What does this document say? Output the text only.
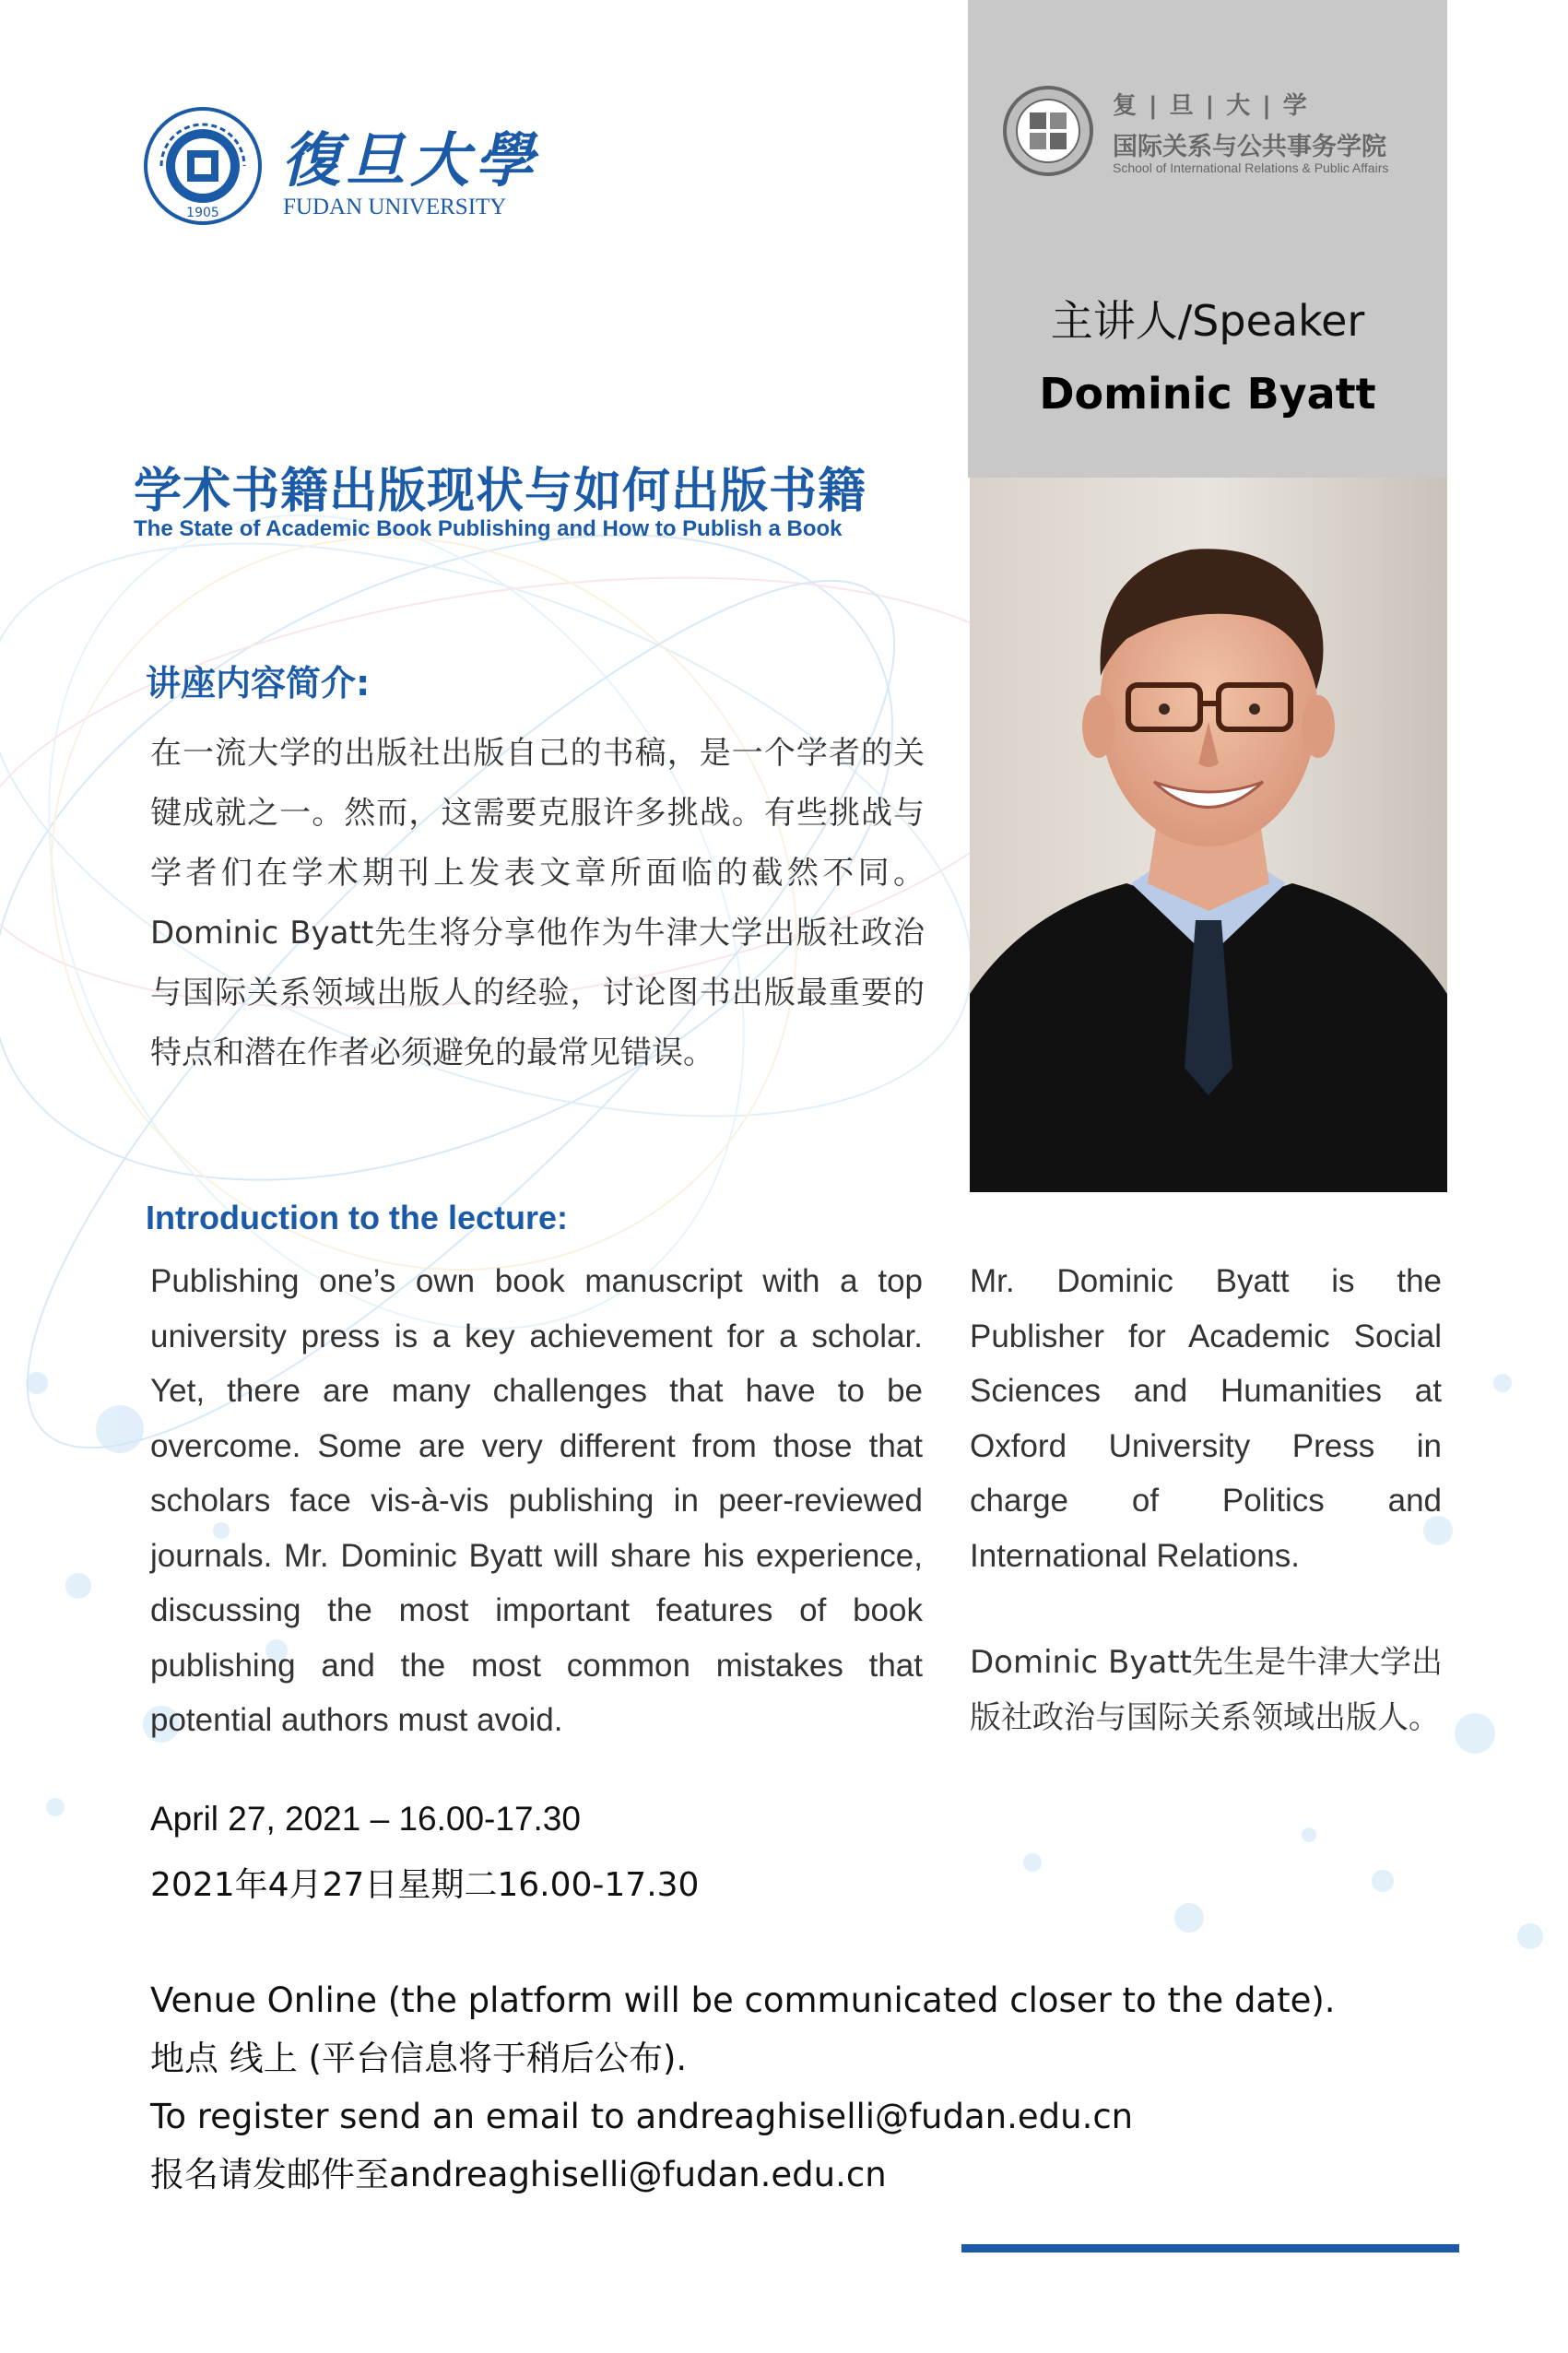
1905
復旦大學
FUDAN UNIVERSITY
复 | 旦 | 大 | 学
国际关系与公共事务学院
School of International Relations & Public Affairs
主讲人/Speaker
Dominic Byatt
学术书籍出版现状与如何出版书籍
The State of Academic Book Publishing and How to Publish a Book
讲座内容简介:
在一流大学的出版社出版自己的书稿，是一个学者的关键成就之一。然而，这需要克服许多挑战。有些挑战与学者们在学术期刊上发表文章所面临的截然不同。Dominic Byatt先生将分享他作为牛津大学出版社政治与国际关系领域出版人的经验，讨论图书出版最重要的特点和潜在作者必须避免的最常见错误。
Introduction to the lecture:
Publishing one’s own book manuscript with a top university press is a key achievement for a scholar. Yet, there are many challenges that have to be overcome. Some are very different from those that scholars face vis-à-vis publishing in peer-reviewed journals. Mr. Dominic Byatt will share his experience, discussing the most important features of book publishing and the most common mistakes that potential authors must avoid.
Mr. Dominic Byatt is the Publisher for Academic Social Sciences and Humanities at Oxford University Press in charge of Politics and International Relations.
Dominic Byatt先生是牛津大学出版社政治与国际关系领域出版人。
April 27, 2021 – 16.00-17.30
2021年4月27日星期二16.00-17.30
Venue Online (the platform will be communicated closer to the date).
地点 线上 (平台信息将于稍后公布).
To register send an email to andreaghiselli@fudan.edu.cn
报名请发邮件至andreaghiselli@fudan.edu.cn
